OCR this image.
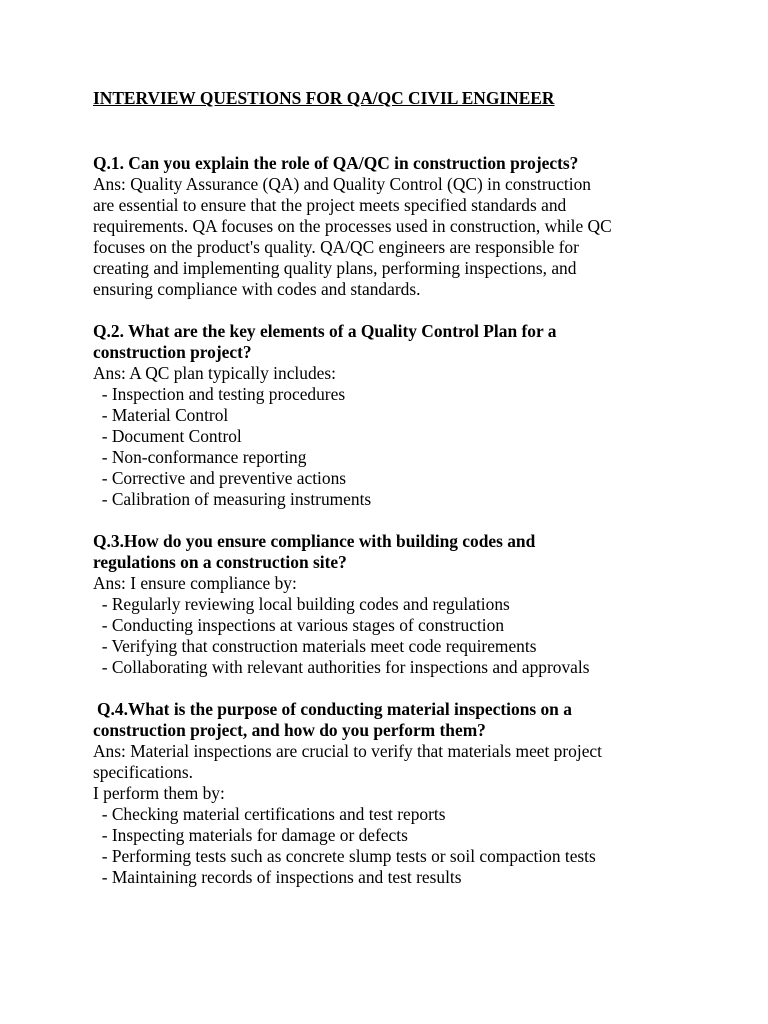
INTERVIEW QUESTIONS FOR QA/QC CIVIL ENGINEER

Q.1. Can you explain the role of QA/QC in construction projects?

Ans: Quality Assurance (QA) and Quality Control (QC) in construction

are essential to ensure that the project meets specified standards and

requirements. QA focuses on the processes used in construction, while QC

focuses on the product's quality. QA/QC engineers are responsible for

creating and implementing quality plans, performing inspections, and

ensuring compliance with codes and standards.

Q.2. What are the key elements of a Quality Control Plan for a

construction project?

Ans: A QC plan typically includes:

- Inspection and testing procedures
- Material Control
- Document Control
- Non-conformance reporting
- Corrective and preventive actions
- Calibration of measuring instruments

Q.3.How do you ensure compliance with building codes and

regulations on a construction site?

Ans: I ensure compliance by:

- Regularly reviewing local building codes and regulations
- Conducting inspections at various stages of construction
- Verifying that construction materials meet code requirements
- Collaborating with relevant authorities for inspections and approvals

Q.4.What is the purpose of conducting material inspections on a

construction project, and how do you perform them?

Ans: Material inspections are crucial to verify that materials meet project

specifications.

I perform them by:

- Checking material certifications and test reports
- Inspecting materials for damage or defects
- Performing tests such as concrete slump tests or soil compaction tests
- Maintaining records of inspections and test results
